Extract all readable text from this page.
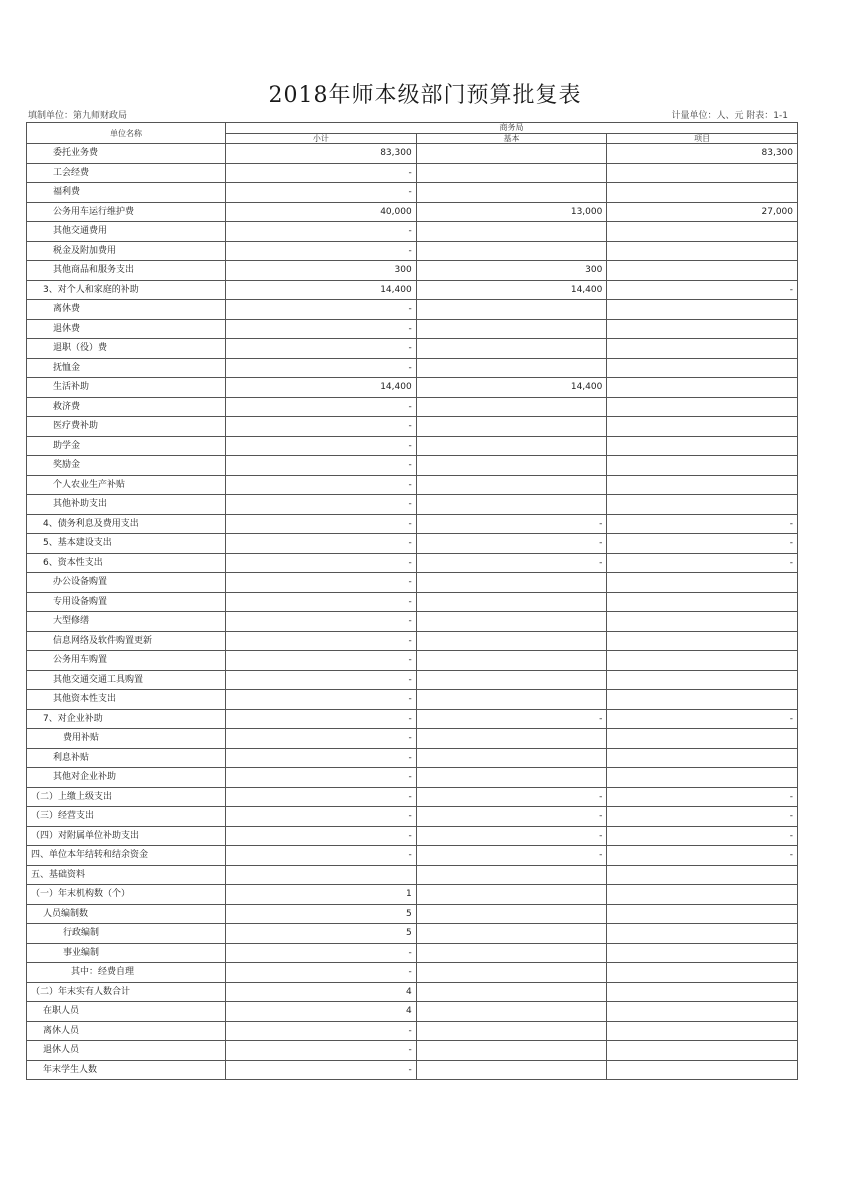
2018年师本级部门预算批复表
填制单位：第九师财政局	计量单位：人、元 附表：1-1
单位名称	商务局		
	小计	基本	项目
委托业务费	83,300		83,300
工会经费	-		
福利费	-		
公务用车运行维护费	40,000	13,000	27,000
其他交通费用	-		
税金及附加费用	-		
其他商品和服务支出	300	300	
3、对个人和家庭的补助	14,400	14,400	-
离休费	-		
退休费	-		
退职（役）费	-		
抚恤金	-		
生活补助	14,400	14,400	
救济费	-		
医疗费补助	-		
助学金	-		
奖励金	-		
个人农业生产补贴	-		
其他补助支出	-		
4、债务利息及费用支出	-	-	-
5、基本建设支出	-	-	-
6、资本性支出	-	-	-
办公设备购置	-		
专用设备购置	-		
大型修缮	-		
信息网络及软件购置更新	-		
公务用车购置	-		
其他交通交通工具购置	-		
其他资本性支出	-		
7、对企业补助	-	-	-
费用补贴	-		
利息补贴	-		
其他对企业补助	-		
（二）上缴上级支出	-	-	-
（三）经营支出	-	-	-
（四）对附属单位补助支出	-	-	-
四、单位本年结转和结余资金	-	-	-
五、基础资料			
（一）年末机构数（个）	1		
人员编制数	5		
行政编制	5		
事业编制	-		
其中：经费自理	-		
（二）年末实有人数合计	4		
在职人员	4		
离休人员	-		
退休人员	-		
年末学生人数	-		
